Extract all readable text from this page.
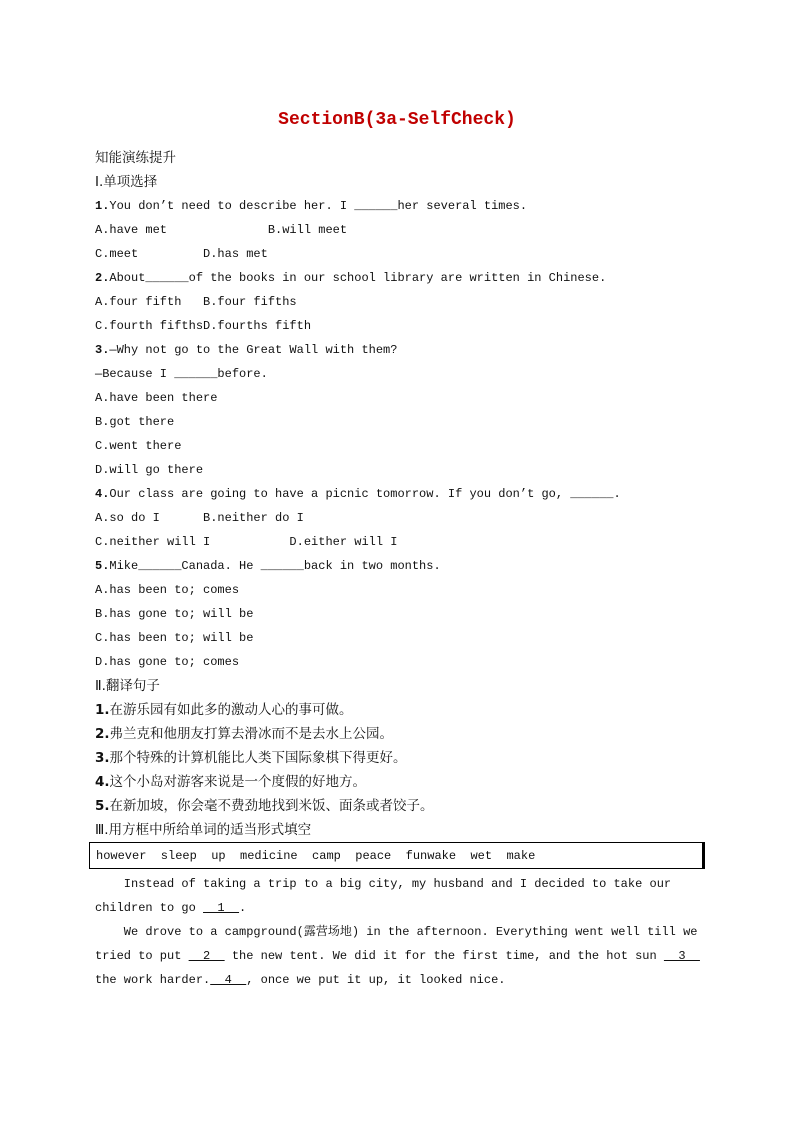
SectionB(3a-SelfCheck)
知能演练提升
Ⅰ.单项选择
1.You don’t need to describe her. I ______her several times.
A.have met              B.will meet
C.meet         D.has met
2.About______of the books in our school library are written in Chinese.
A.four fifth   B.four fifths
C.fourth fifthsD.fourths fifth
3.—Why not go to the Great Wall with them?
—Because I ______before.
A.have been there
B.got there
C.went there
D.will go there
4.Our class are going to have a picnic tomorrow. If you don’t go, ______.
A.so do I      B.neither do I
C.neither will I           D.either will I
5.Mike______Canada. He ______back in two months.
A.has been to; comes
B.has gone to; will be
C.has been to; will be
D.has gone to; comes
Ⅱ.翻译句子
1.在游乐园有如此多的激动人心的事可做。
2.弗兰克和他朋友打算去滑冰而不是去水上公园。
3.那个特殊的计算机能比人类下国际象棋下得更好。
4.这个小岛对游客来说是一个度假的好地方。
5.在新加坡，你会毫不费劲地找到米饭、面条或者饺子。
Ⅲ.用方框中所给单词的适当形式填空
however  sleep  up  medicine  camp  peace  funwake  wet  make
Instead of taking a trip to a big city, my husband and I decided to take our
children to go   1  .
We drove to a campground(露营场地) in the afternoon. Everything went well till we
tried to put   2   the new tent. We did it for the first time, and the hot sun   3
the work harder.  4  , once we put it up, it looked nice.
